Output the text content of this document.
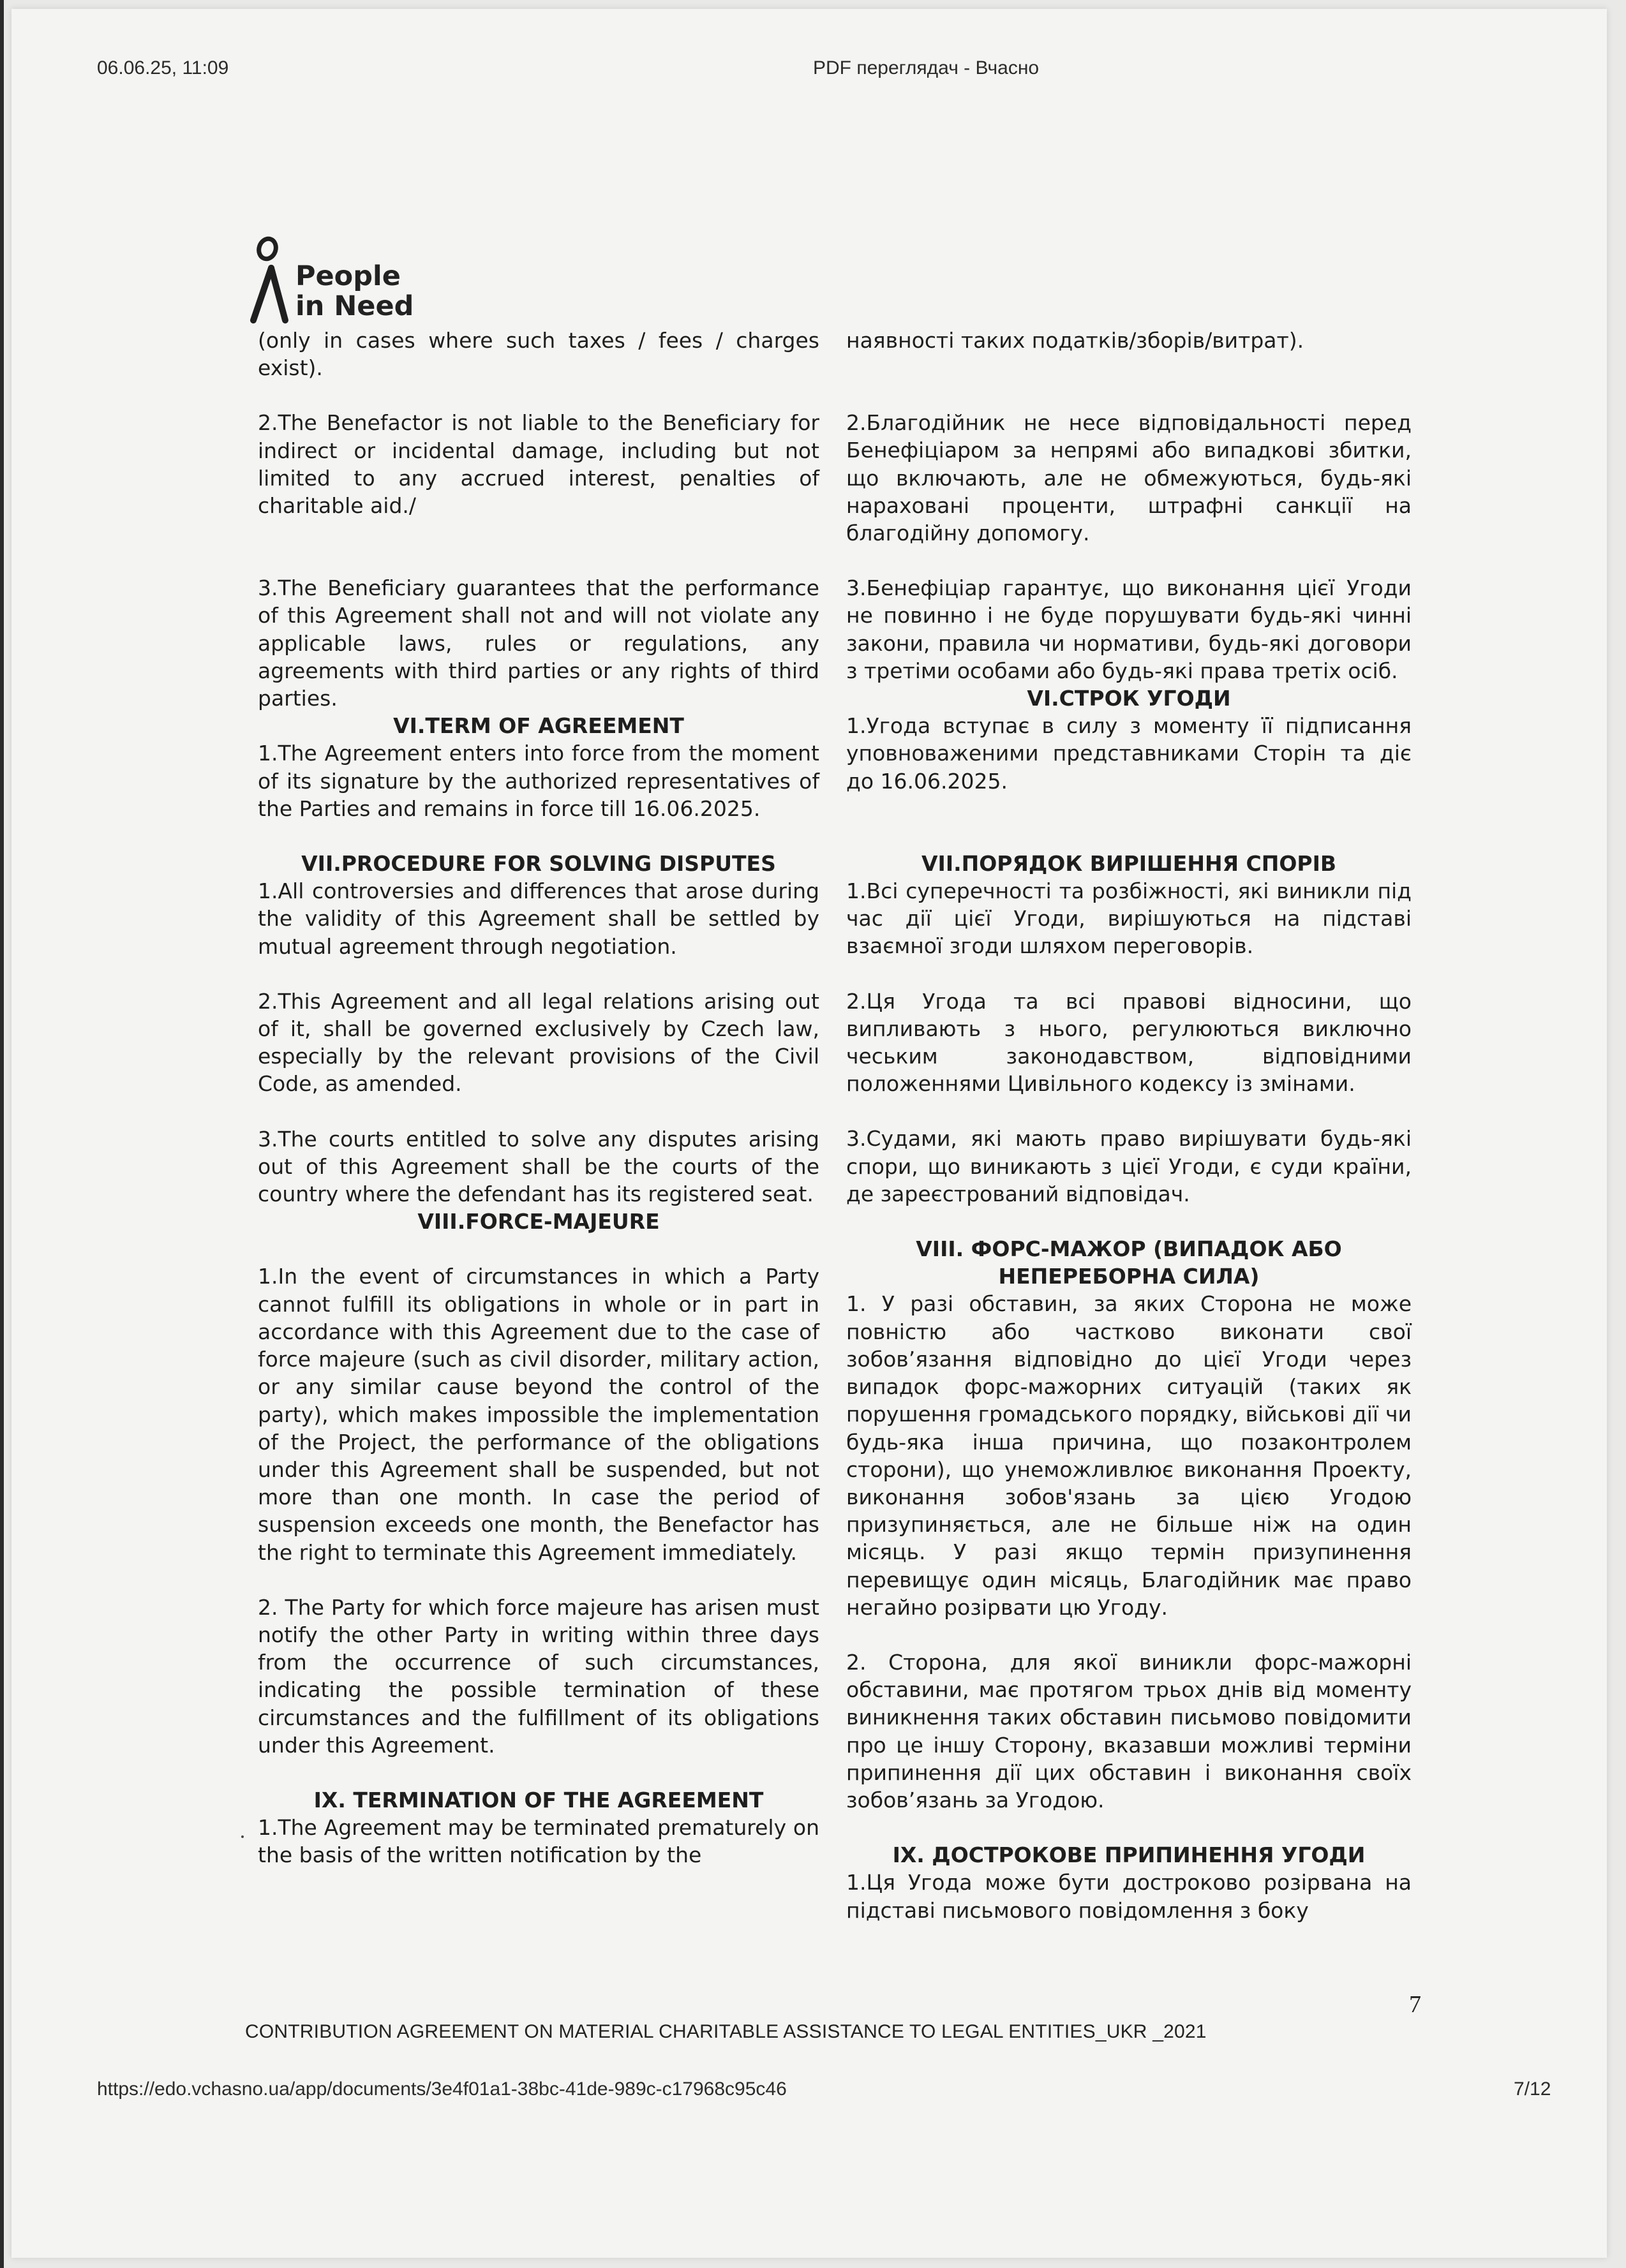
06.06.25, 11:09	PDF переглядач - Вчасно
People
in Need

(only in cases where such taxes / fees / charges exist).

2.The Benefactor is not liable to the Beneficiary for indirect or incidental damage, including but not limited to any accrued interest, penalties of charitable aid./

3.The Beneficiary guarantees that the performance of this Agreement shall not and will not violate any applicable laws, rules or regulations, any agreements with third parties or any rights of third parties.

VI.TERM OF AGREEMENT

1.The Agreement enters into force from the moment of its signature by the authorized representatives of the Parties and remains in force till 16.06.2025.

VII.PROCEDURE FOR SOLVING DISPUTES

1.All controversies and differences that arose during the validity of this Agreement shall be settled by mutual agreement through negotiation.

2.This Agreement and all legal relations arising out of it, shall be governed exclusively by Czech law, especially by the relevant provisions of the Civil Code, as amended.

3.The courts entitled to solve any disputes arising out of this Agreement shall be the courts of the country where the defendant has its registered seat.

VIII.FORCE-MAJEURE

1.In the event of circumstances in which a Party cannot fulfill its obligations in whole or in part in accordance with this Agreement due to the case of force majeure (such as civil disorder, military action, or any similar cause beyond the control of the party), which makes impossible the implementation of the Project, the performance of the obligations under this Agreement shall be suspended, but not more than one month. In case the period of suspension exceeds one month, the Benefactor has the right to terminate this Agreement immediately.

2. The Party for which force majeure has arisen must notify the other Party in writing within three days from the occurrence of such circumstances, indicating the possible termination of these circumstances and the fulfillment of its obligations under this Agreement.

IX. TERMINATION OF THE AGREEMENT

1.The Agreement may be terminated prematurely on the basis of the written notification by the

наявності таких податків/зборів/витрат).

2.Благодійник не несе відповідальності перед Бенефіціаром за непрямі або випадкові збитки, що включають, але не обмежуються, будь-які нараховані проценти, штрафні санкції на благодійну допомогу.

3.Бенефіціар гарантує, що виконання цієї Угоди не повинно і не буде порушувати будь-які чинні закони, правила чи нормативи, будь-які договори з третіми особами або будь-які права третіх осіб.

VI.СТРОК УГОДИ

1.Угода вступає в силу з моменту її підписання уповноваженими представниками Сторін та діє до 16.06.2025.

VII.ПОРЯДОК ВИРІШЕННЯ СПОРІВ

1.Всі суперечності та розбіжності, які виникли під час дії цієї Угоди, вирішуються на підставі взаємної згоди шляхом переговорів.

2.Ця Угода та всі правові відносини, що випливають з нього, регулюються виключно чеським законодавством, відповідними положеннями Цивільного кодексу із змінами.

3.Судами, які мають право вирішувати будь-які спори, що виникають з цієї Угоди, є суди країни, де зареєстрований відповідач.

VIII. ФОРС-МАЖОР (ВИПАДОК АБО НЕПЕРЕБОРНА СИЛА)

1. У разі обставин, за яких Сторона не може повністю або частково виконати свої зобов’язання відповідно до цієї Угоди через випадок форс-мажорних ситуацій (таких як порушення громадського порядку, військові дії чи будь-яка інша причина, що позаконтролем сторони), що унеможливлює виконання Проекту, виконання зобов'язань за цією Угодою призупиняється, але не більше ніж на один місяць. У разі якщо термін призупинення перевищує один місяць, Благодійник має право негайно розірвати цю Угоду.

2. Сторона, для якої виникли форс-мажорні обставини, має протягом трьох днів від моменту виникнення таких обставин письмово повідомити про це іншу Сторону, вказавши можливі терміни припинення дії цих обставин і виконання своїх зобов’язань за Угодою.

IX. ДОСТРОКОВЕ ПРИПИНЕННЯ УГОДИ

1.Ця Угода може бути достроково розірвана на підставі письмового повідомлення з боку

7
CONTRIBUTION AGREEMENT ON MATERIAL CHARITABLE ASSISTANCE TO LEGAL ENTITIES_UKR _2021
https://edo.vchasno.ua/app/documents/3e4f01a1-38bc-41de-989c-c17968c95c46	7/12
